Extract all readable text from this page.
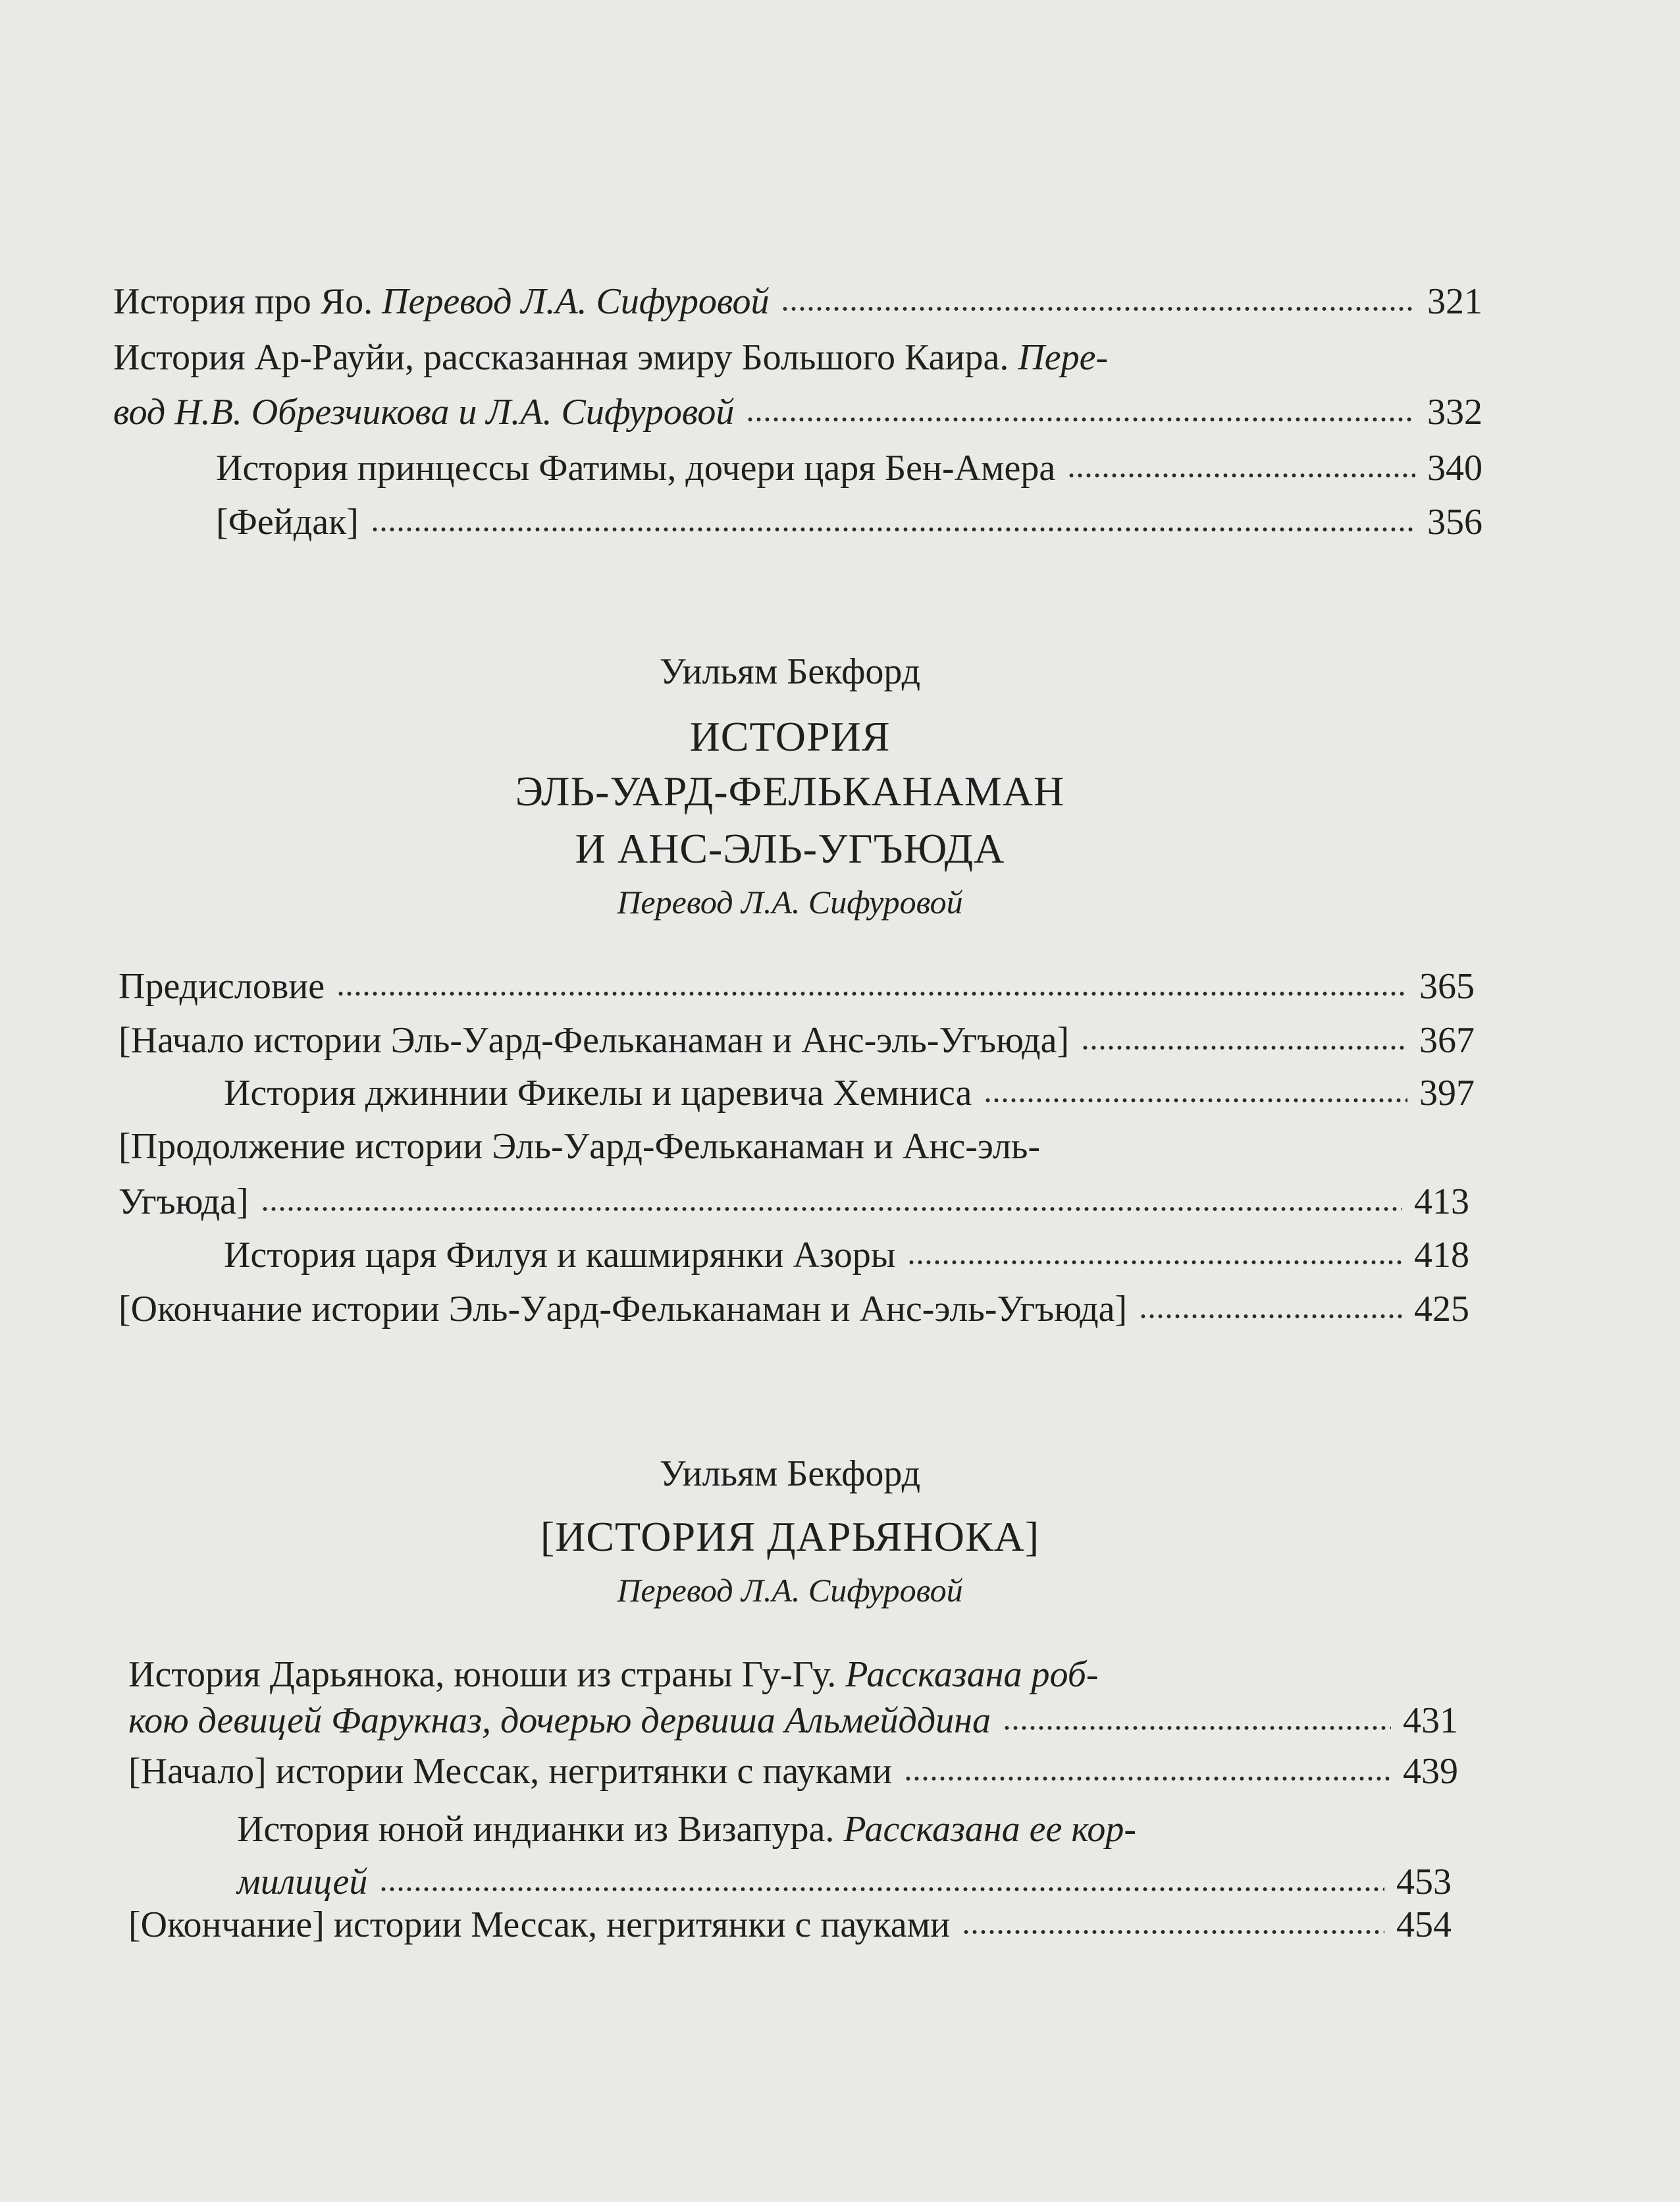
История про Яо. Перевод Л.А. Сифуровой	321
История Ар-Рауйи, рассказанная эмиру Большого Каира. Пере-
вод Н.В. Обрезчикова и Л.А. Сифуровой	332
История принцессы Фатимы, дочери царя Бен-Амера	340
[Фейдак]	356
Уильям Бекфорд
ИСТОРИЯ
ЭЛЬ-УАРД-ФЕЛЬКАНАМАН
И АНС-ЭЛЬ-УГЪЮДА
Перевод Л.А. Сифуровой
Предисловие	365
[Начало истории Эль-Уард-Фельканаман и Анс-эль-Угъюда]	367
История джиннии Фикелы и царевича Хемниса	397
[Продолжение истории Эль-Уард-Фельканаман и Анс-эль-
Угъюда]	413
История царя Филуя и кашмирянки Азоры	418
[Окончание истории Эль-Уард-Фельканаман и Анс-эль-Угъюда]	425
Уильям Бекфорд
[ИСТОРИЯ ДАРЬЯНОКА]
Перевод Л.А. Сифуровой
История Дарьянока, юноши из страны Гу-Гу. Рассказана роб-
кою девицей Фарукназ, дочерью дервиша Альмейддина	431
[Начало] истории Мессак, негритянки с пауками	439
История юной индианки из Визапура. Рассказана ее кор-
милицей	453
[Окончание] истории Мессак, негритянки с пауками	454
